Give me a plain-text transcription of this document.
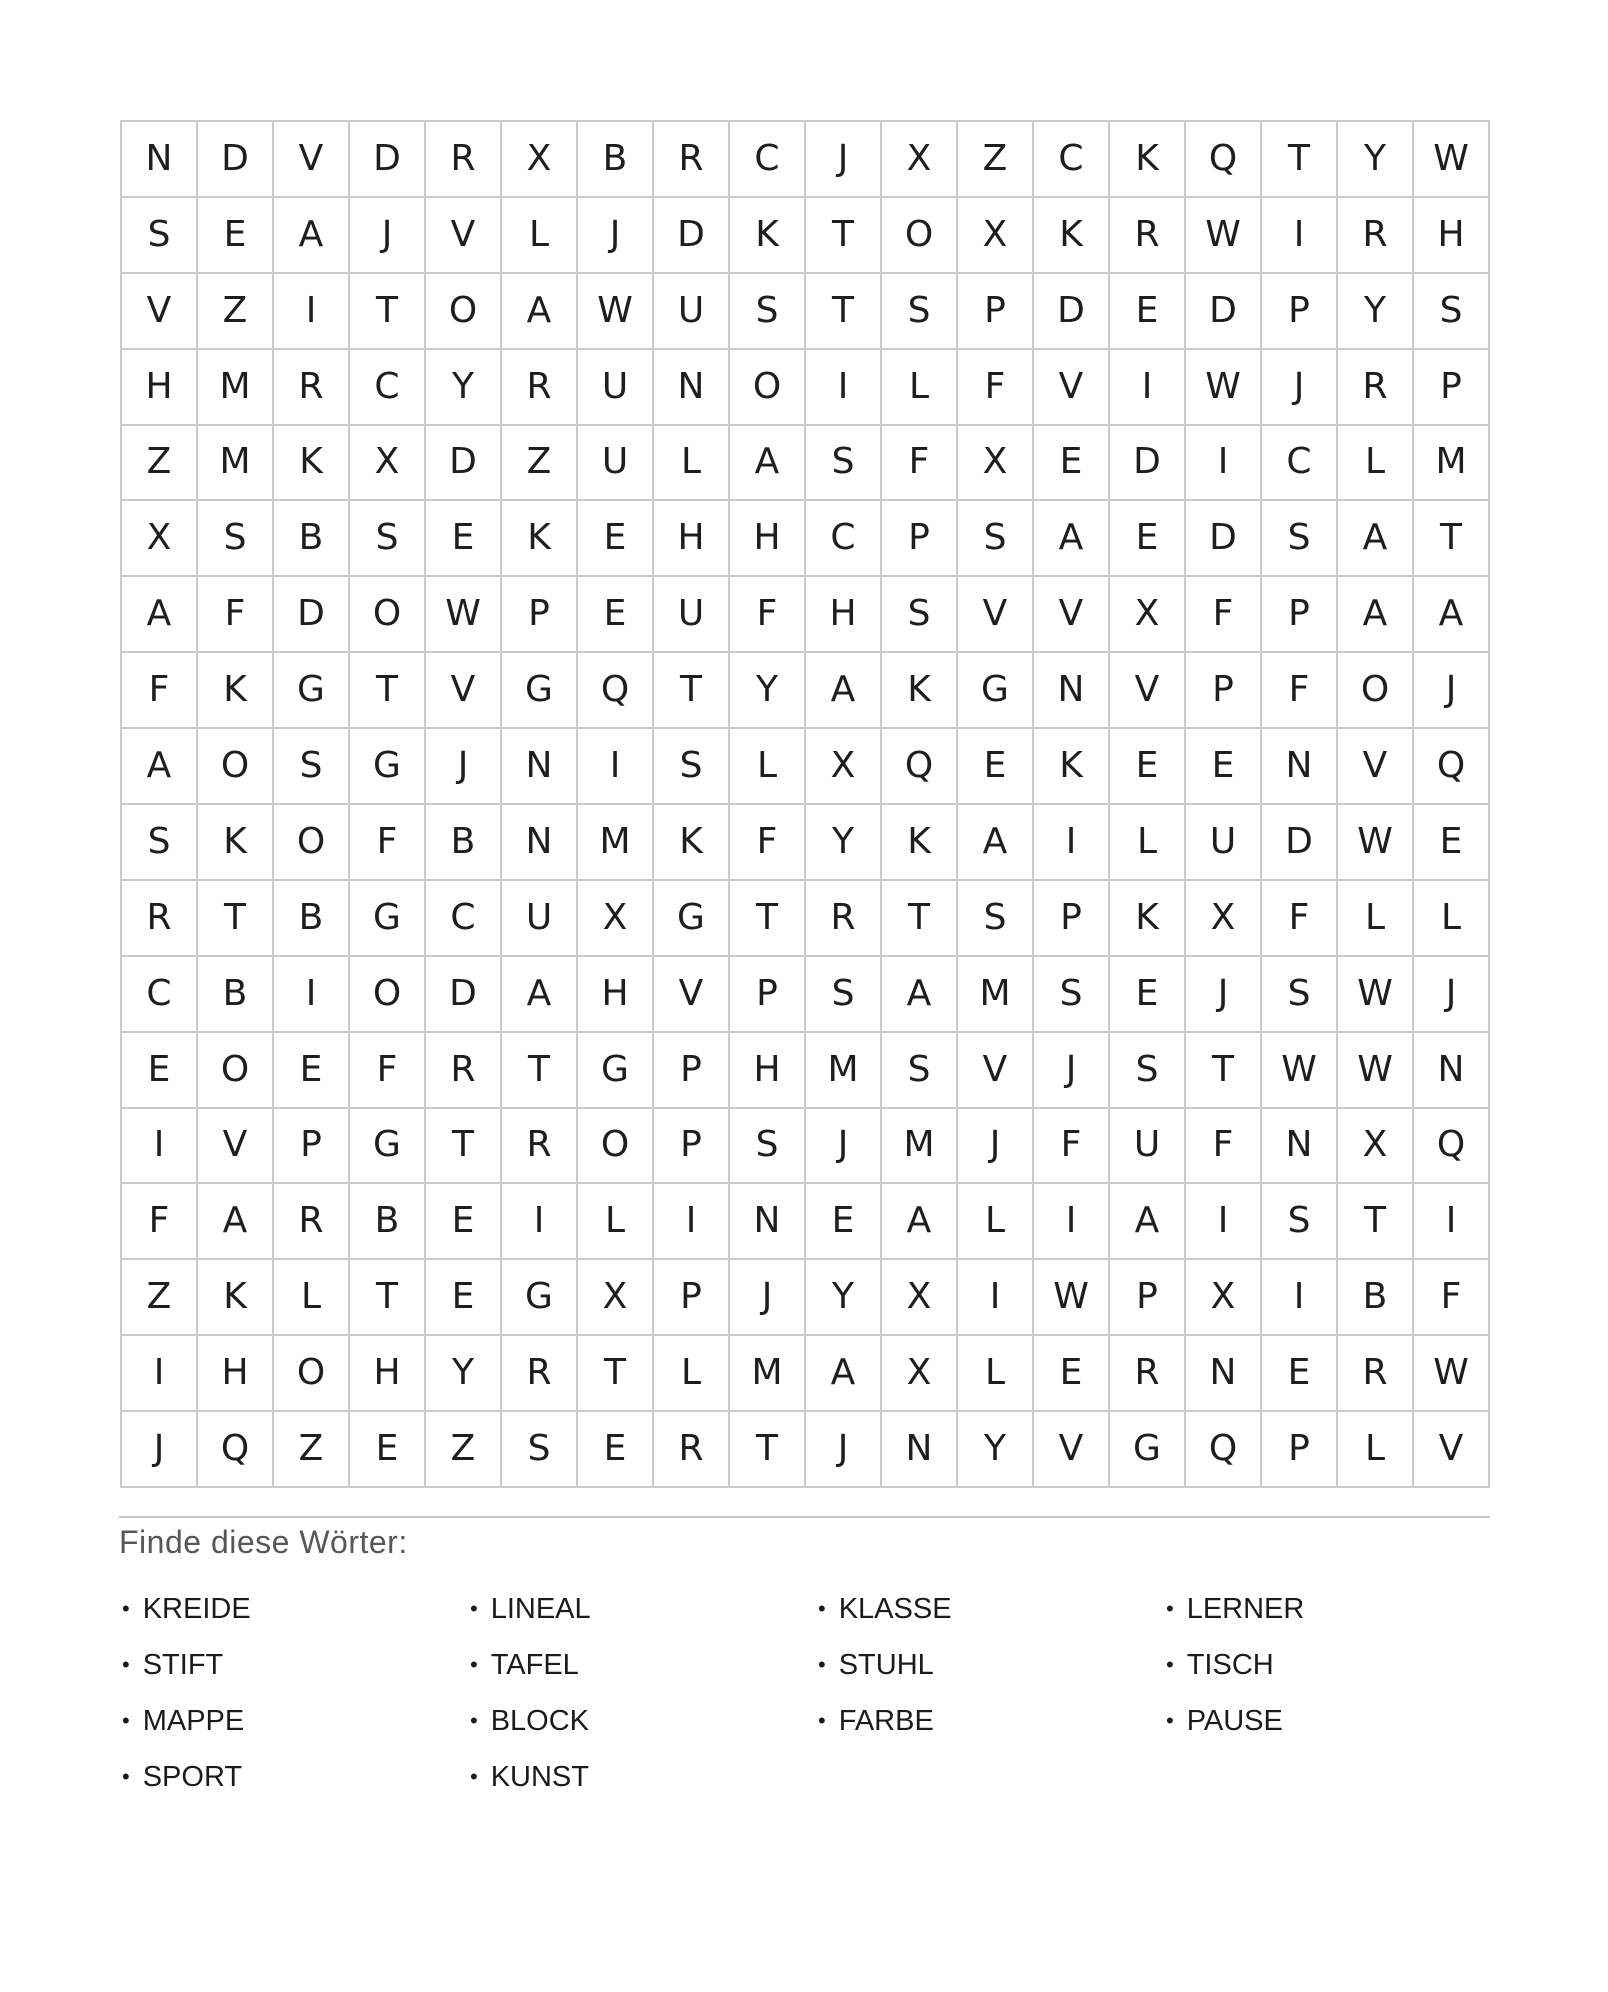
N	D	V	D	R	X	B	R	C	J	X	Z	C	K	Q	T	Y	W
S	E	A	J	V	L	J	D	K	T	O	X	K	R	W	I	R	H
V	Z	I	T	O	A	W	U	S	T	S	P	D	E	D	P	Y	S
H	M	R	C	Y	R	U	N	O	I	L	F	V	I	W	J	R	P
Z	M	K	X	D	Z	U	L	A	S	F	X	E	D	I	C	L	M
X	S	B	S	E	K	E	H	H	C	P	S	A	E	D	S	A	T
A	F	D	O	W	P	E	U	F	H	S	V	V	X	F	P	A	A
F	K	G	T	V	G	Q	T	Y	A	K	G	N	V	P	F	O	J
A	O	S	G	J	N	I	S	L	X	Q	E	K	E	E	N	V	Q
S	K	O	F	B	N	M	K	F	Y	K	A	I	L	U	D	W	E
R	T	B	G	C	U	X	G	T	R	T	S	P	K	X	F	L	L
C	B	I	O	D	A	H	V	P	S	A	M	S	E	J	S	W	J
E	O	E	F	R	T	G	P	H	M	S	V	J	S	T	W	W	N
I	V	P	G	T	R	O	P	S	J	M	J	F	U	F	N	X	Q
F	A	R	B	E	I	L	I	N	E	A	L	I	A	I	S	T	I
Z	K	L	T	E	G	X	P	J	Y	X	I	W	P	X	I	B	F
I	H	O	H	Y	R	T	L	M	A	X	L	E	R	N	E	R	W
J	Q	Z	E	Z	S	E	R	T	J	N	Y	V	G	Q	P	L	V
Finde diese Wörter:
• KREIDE
• STIFT
• MAPPE
• SPORT
• LINEAL
• TAFEL
• BLOCK
• KUNST
• KLASSE
• STUHL
• FARBE
• LERNER
• TISCH
• PAUSE
